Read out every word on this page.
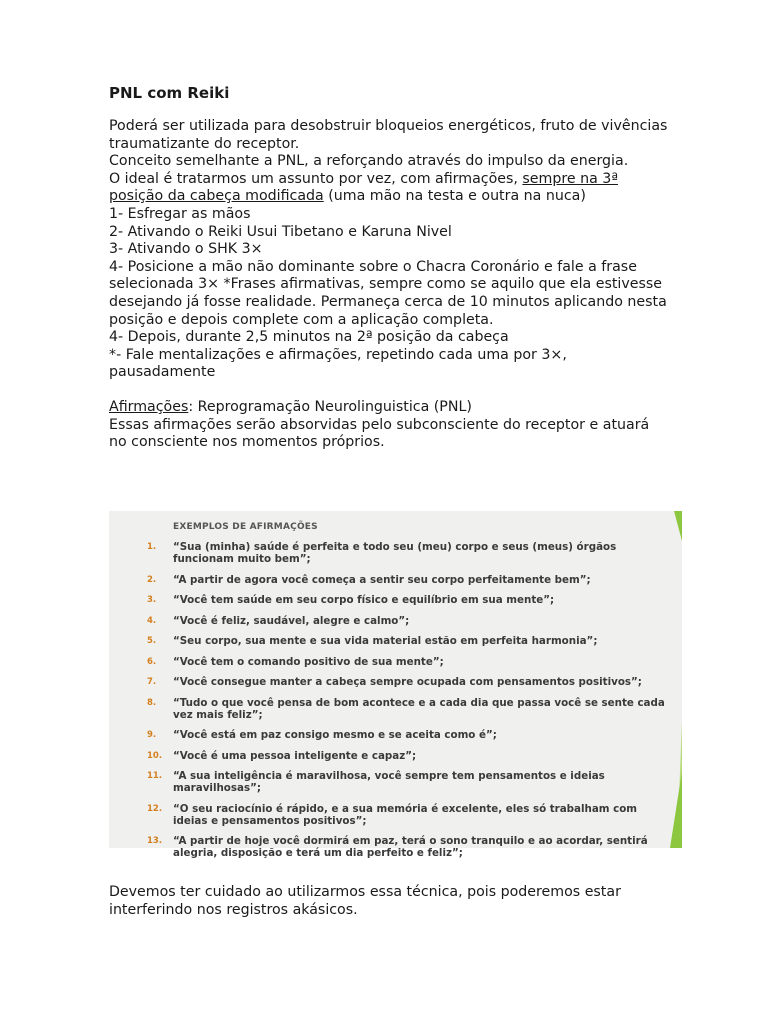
PNL com Reiki

Poderá ser utilizada para desobstruir bloqueios energéticos, fruto de vivências traumatizante do receptor.

Conceito semelhante a PNL, a reforçando através do impulso da energia.

O ideal é tratarmos um assunto por vez, com afirmações, sempre na 3ª posição da cabeça modificada (uma mão na testa e outra na nuca)

1- Esfregar as mãos

2- Ativando o Reiki Usui Tibetano e Karuna Nivel

3- Ativando o SHK 3×

4- Posicione a mão não dominante sobre o Chacra Coronário e fale a frase selecionada 3× *Frases afirmativas, sempre como se aquilo que ela estivesse desejando já fosse realidade. Permaneça cerca de 10 minutos aplicando nesta posição e depois complete com a aplicação completa.

4- Depois, durante 2,5 minutos na 2ª posição da cabeça

*- Fale mentalizações e afirmações, repetindo cada uma por 3×, pausadamente

Afirmações: Reprogramação Neurolinguistica (PNL)

Essas afirmações serão absorvidas pelo subconsciente do receptor e atuará no consciente nos momentos próprios.

EXEMPLOS DE AFIRMAÇÕES
1. “Sua (minha) saúde é perfeita e todo seu (meu) corpo e seus (meus) órgãos funcionam muito bem”;
2. “A partir de agora você começa a sentir seu corpo perfeitamente bem”;
3. “Você tem saúde em seu corpo físico e equilíbrio em sua mente”;
4. “Você é feliz, saudável, alegre e calmo”;
5. “Seu corpo, sua mente e sua vida material estão em perfeita harmonia”;
6. “Você tem o comando positivo de sua mente”;
7. “Você consegue manter a cabeça sempre ocupada com pensamentos positivos”;
8. “Tudo o que você pensa de bom acontece e a cada dia que passa você se sente cada vez mais feliz”;
9. “Você está em paz consigo mesmo e se aceita como é”;
10. “Você é uma pessoa inteligente e capaz”;
11. “A sua inteligência é maravilhosa, você sempre tem pensamentos e ideias maravilhosas”;
12. “O seu raciocínio é rápido, e a sua memória é excelente, eles só trabalham com ideias e pensamentos positivos”;
13. “A partir de hoje você dormirá em paz, terá o sono tranquilo e ao acordar, sentirá alegria, disposição e terá um dia perfeito e feliz”;

Devemos ter cuidado ao utilizarmos essa técnica, pois poderemos estar interferindo nos registros akásicos.
